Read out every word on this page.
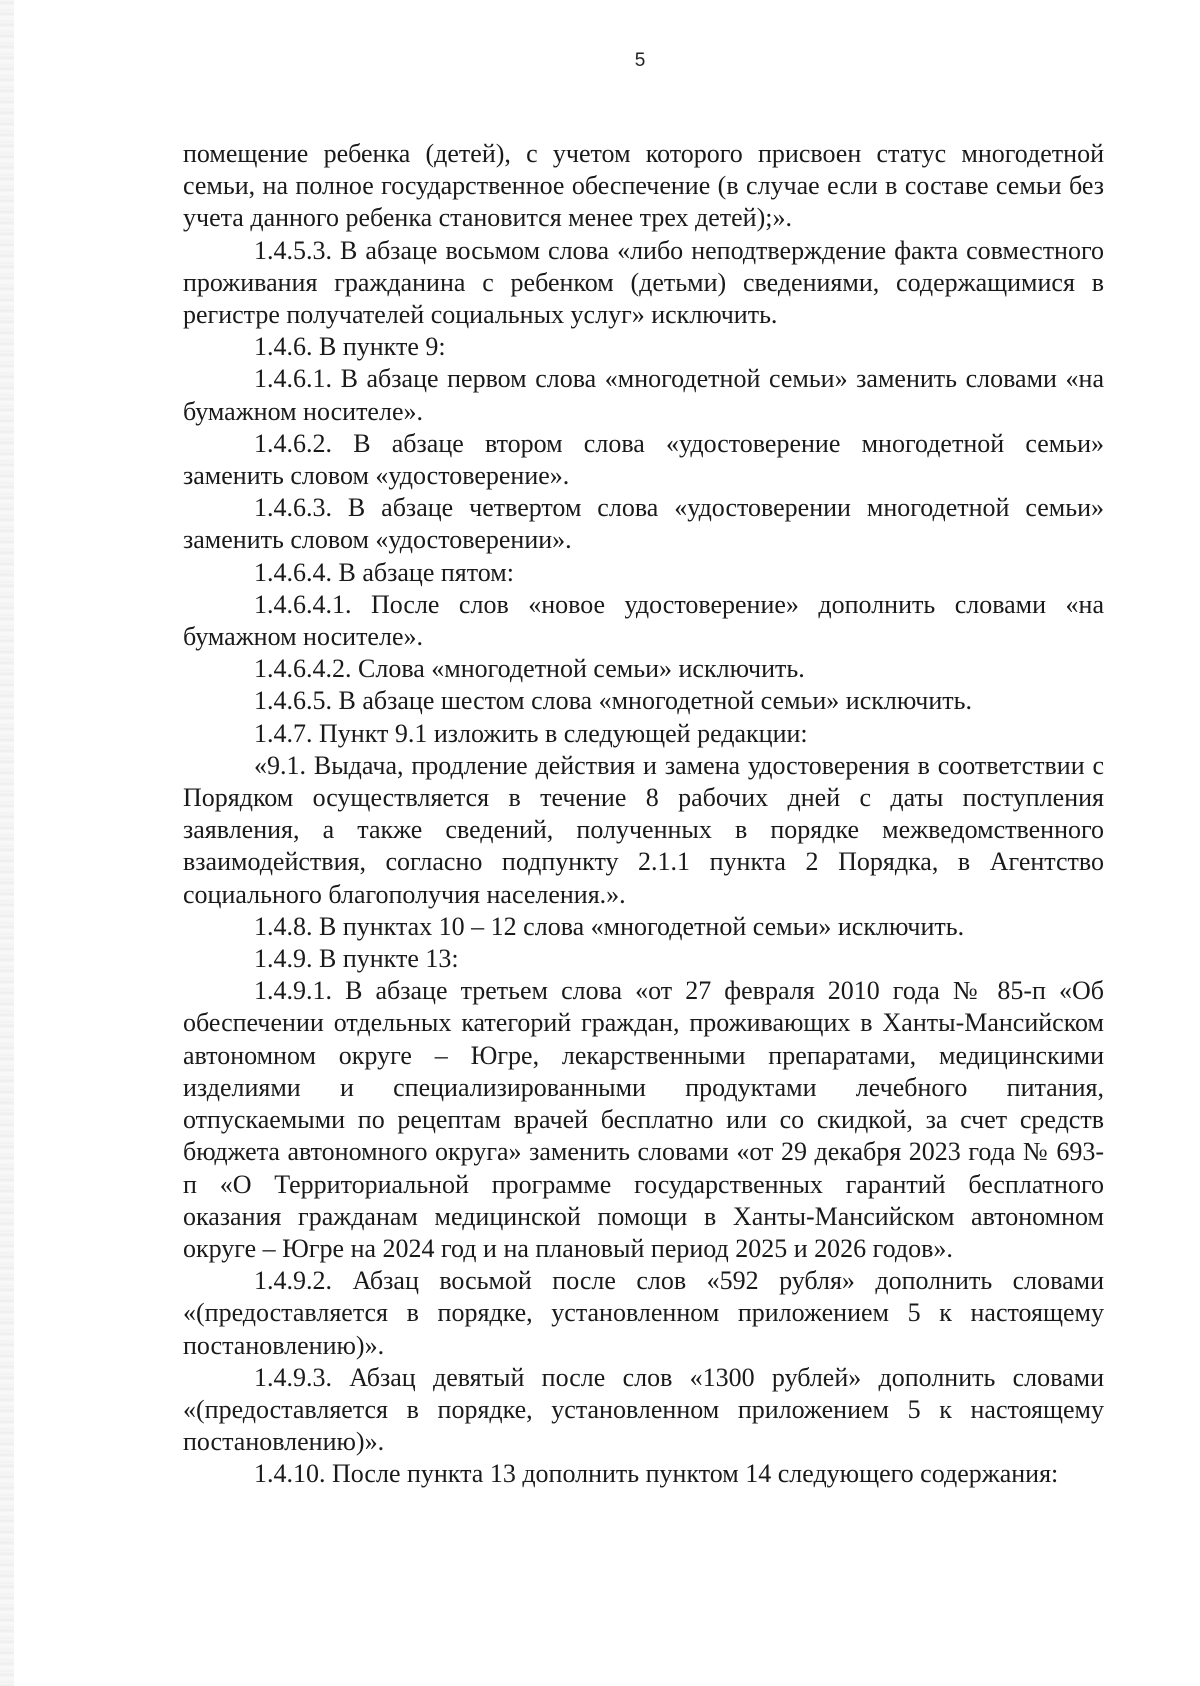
5

помещение ребенка (детей), с учетом которого присвоен статус многодетной семьи, на полное государственное обеспечение (в случае если в составе семьи без учета данного ребенка становится менее трех детей);».

1.4.5.3. В абзаце восьмом слова «либо неподтверждение факта совместного проживания гражданина с ребенком (детьми) сведениями, содержащимися в регистре получателей социальных услуг» исключить.

1.4.6. В пункте 9:

1.4.6.1. В абзаце первом слова «многодетной семьи» заменить словами «на бумажном носителе».

1.4.6.2. В абзаце втором слова «удостоверение многодетной семьи» заменить словом «удостоверение».

1.4.6.3. В абзаце четвертом слова «удостоверении многодетной семьи» заменить словом «удостоверении».

1.4.6.4. В абзаце пятом:

1.4.6.4.1. После слов «новое удостоверение» дополнить словами «на бумажном носителе».

1.4.6.4.2. Слова «многодетной семьи» исключить.

1.4.6.5. В абзаце шестом слова «многодетной семьи» исключить.

1.4.7. Пункт 9.1 изложить в следующей редакции:

«9.1. Выдача, продление действия и замена удостоверения в соответствии с Порядком осуществляется в течение 8 рабочих дней с даты поступления заявления, а также сведений, полученных в порядке межведомственного взаимодействия, согласно подпункту 2.1.1 пункта 2 Порядка, в Агентство социального благополучия населения.».

1.4.8. В пунктах 10 – 12 слова «многодетной семьи» исключить.

1.4.9. В пункте 13:

1.4.9.1. В абзаце третьем слова «от 27 февраля 2010 года № 85-п «Об обеспечении отдельных категорий граждан, проживающих в Ханты-Мансийском автономном округе – Югре, лекарственными препаратами, медицинскими изделиями и специализированными продуктами лечебного питания, отпускаемыми по рецептам врачей бесплатно или со скидкой, за счет средств бюджета автономного округа» заменить словами «от 29 декабря 2023 года № 693-п «О Территориальной программе государственных гарантий бесплатного оказания гражданам медицинской помощи в Ханты-Мансийском автономном округе – Югре на 2024 год и на плановый период 2025 и 2026 годов».

1.4.9.2. Абзац восьмой после слов «592 рубля» дополнить словами «(предоставляется в порядке, установленном приложением 5 к настоящему постановлению)».

1.4.9.3. Абзац девятый после слов «1300 рублей» дополнить словами «(предоставляется в порядке, установленном приложением 5 к настоящему постановлению)».

1.4.10. После пункта 13 дополнить пунктом 14 следующего содержания:
